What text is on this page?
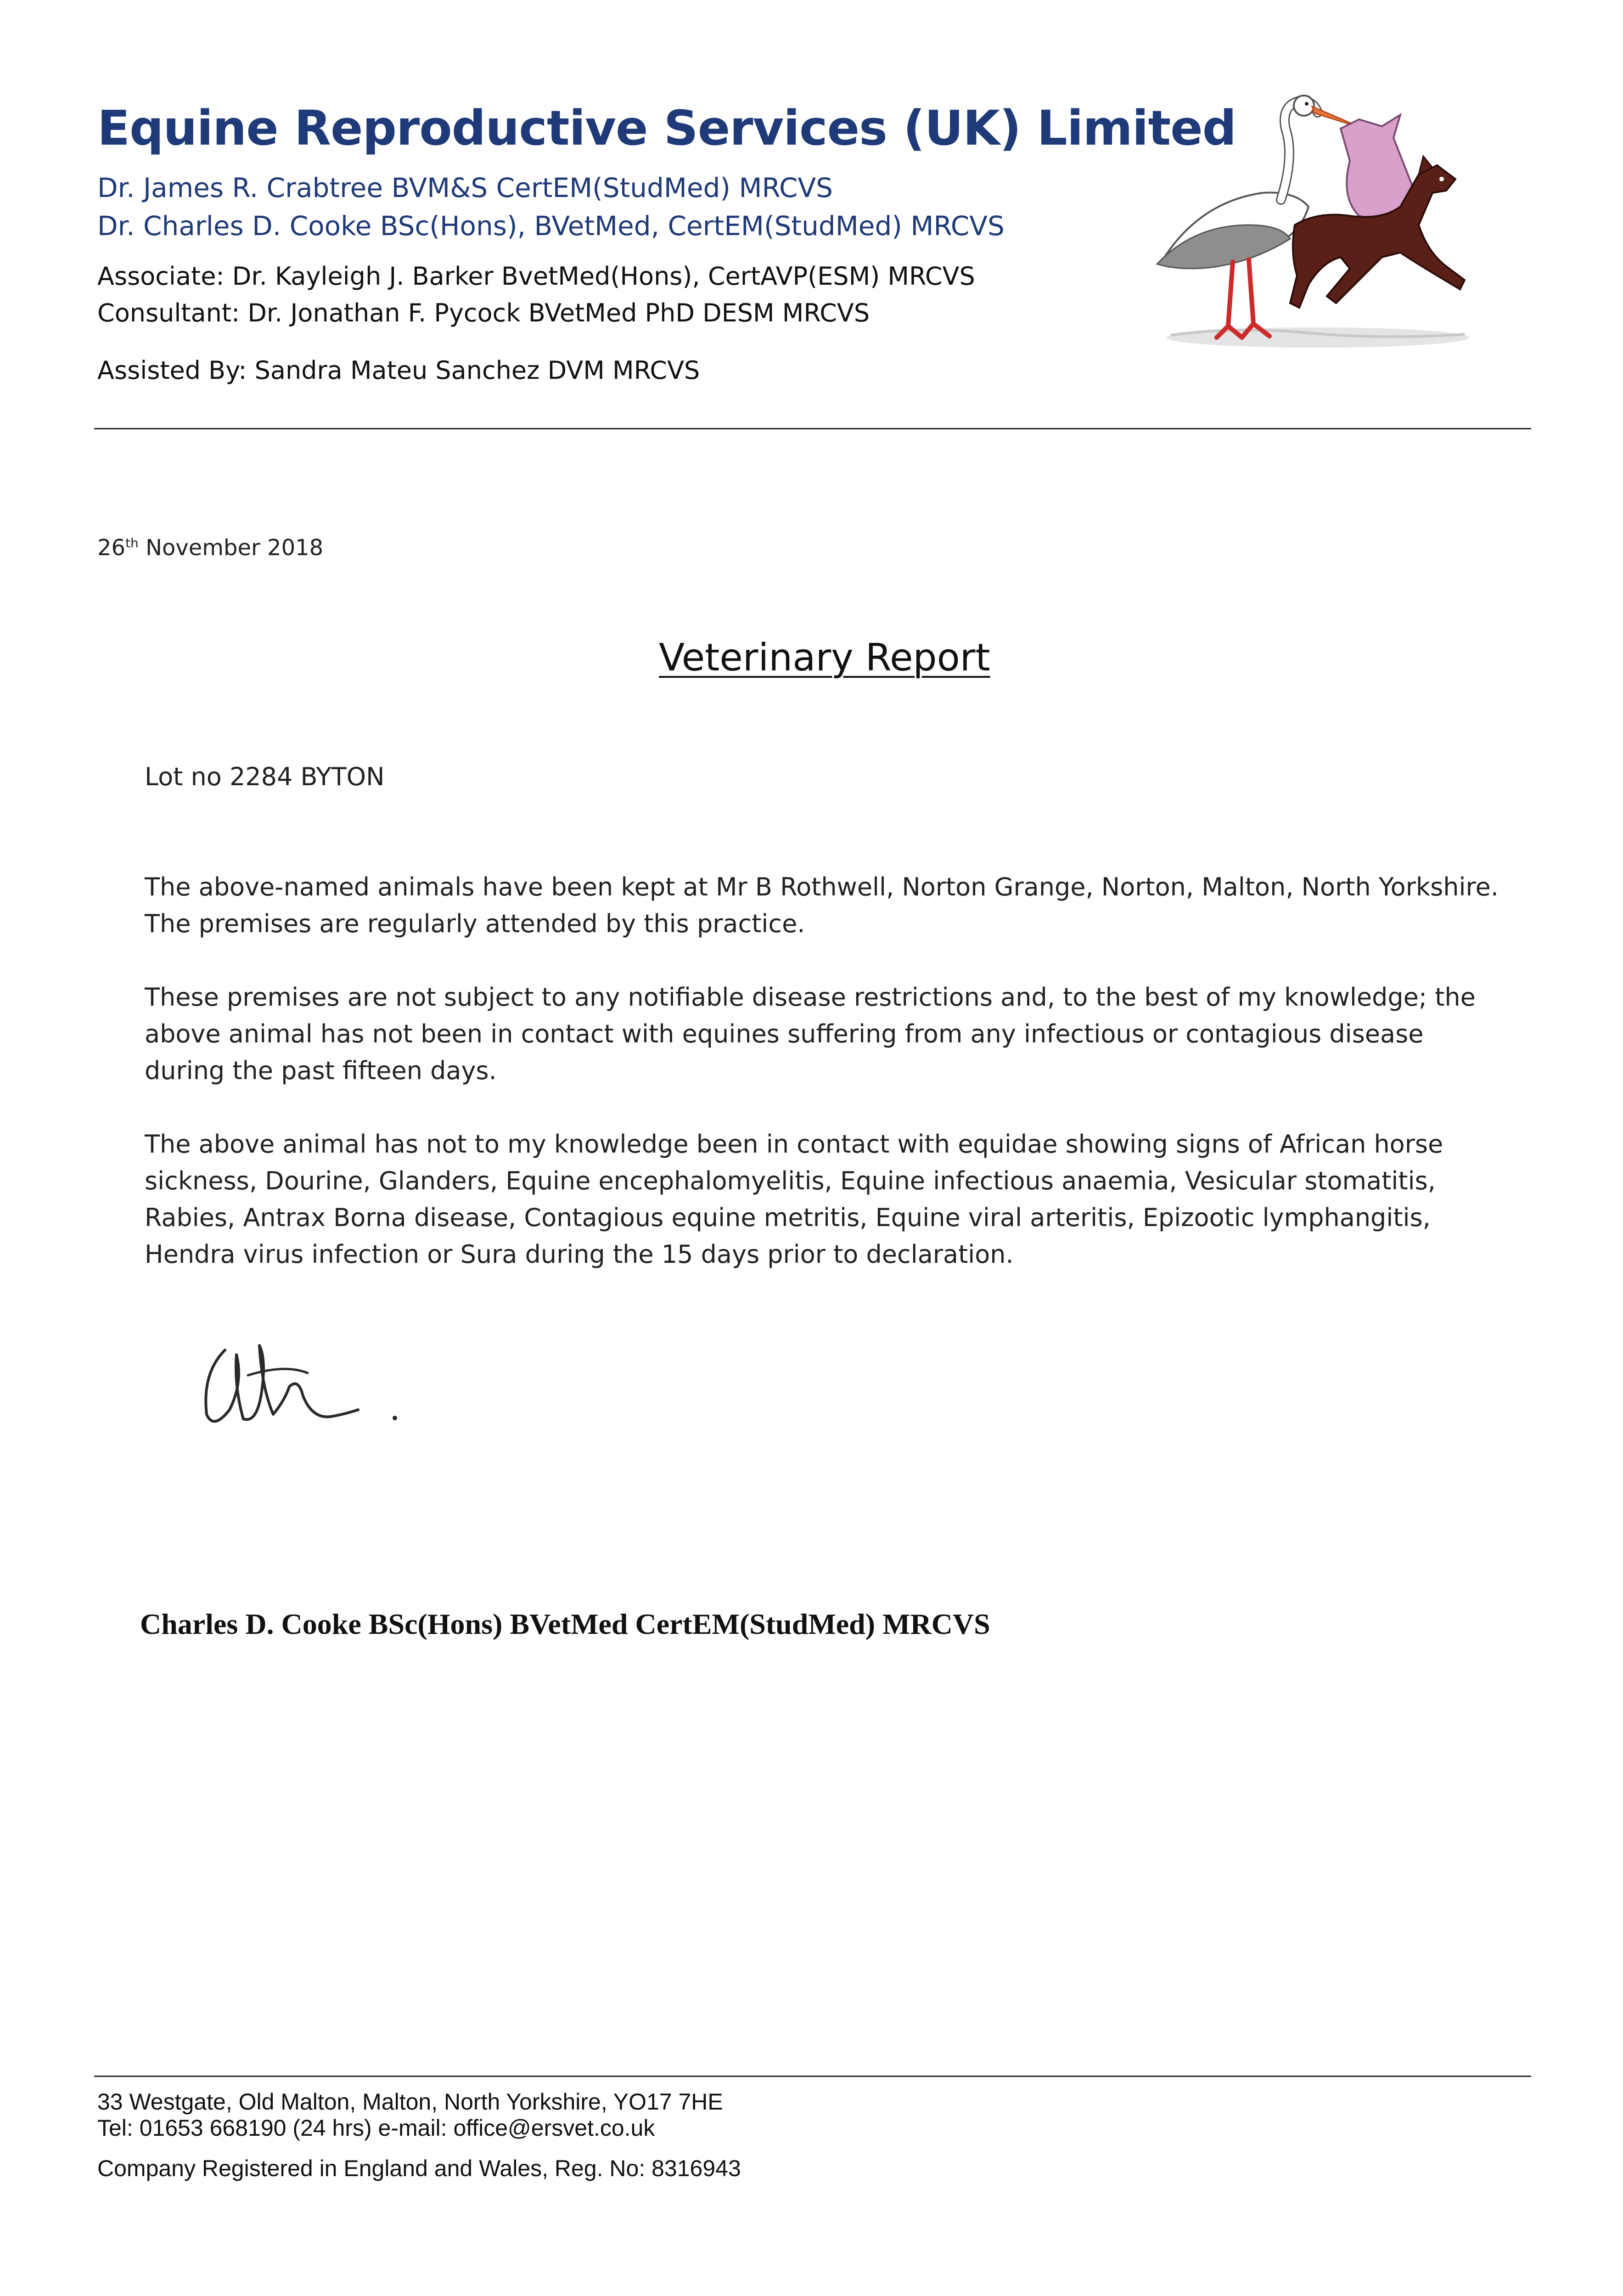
Equine Reproductive Services (UK) Limited
Dr. James R. Crabtree BVM&S CertEM(StudMed) MRCVS
Dr. Charles D. Cooke BSc(Hons), BVetMed, CertEM(StudMed) MRCVS
Associate: Dr. Kayleigh J. Barker BvetMed(Hons), CertAVP(ESM) MRCVS
Consultant: Dr. Jonathan F. Pycock BVetMed PhD DESM MRCVS
Assisted By: Sandra Mateu Sanchez DVM MRCVS
26th November 2018
Veterinary Report
Lot no 2284 BYTON
The above-named animals have been kept at Mr B Rothwell, Norton Grange, Norton, Malton, North Yorkshire. The premises are regularly attended by this practice.
These premises are not subject to any notifiable disease restrictions and, to the best of my knowledge; the above animal has not been in contact with equines suffering from any infectious or contagious disease during the past fifteen days.
The above animal has not to my knowledge been in contact with equidae showing signs of African horse sickness, Dourine, Glanders, Equine encephalomyelitis, Equine infectious anaemia, Vesicular stomatitis, Rabies, Antrax Borna disease, Contagious equine metritis, Equine viral arteritis, Epizootic lymphangitis, Hendra virus infection or Sura during the 15 days prior to declaration.
Charles D. Cooke BSc(Hons) BVetMed CertEM(StudMed) MRCVS
33 Westgate, Old Malton, Malton, North Yorkshire, YO17 7HE
Tel: 01653 668190 (24 hrs) e-mail: office@ersvet.co.uk
Company Registered in England and Wales, Reg. No: 8316943
